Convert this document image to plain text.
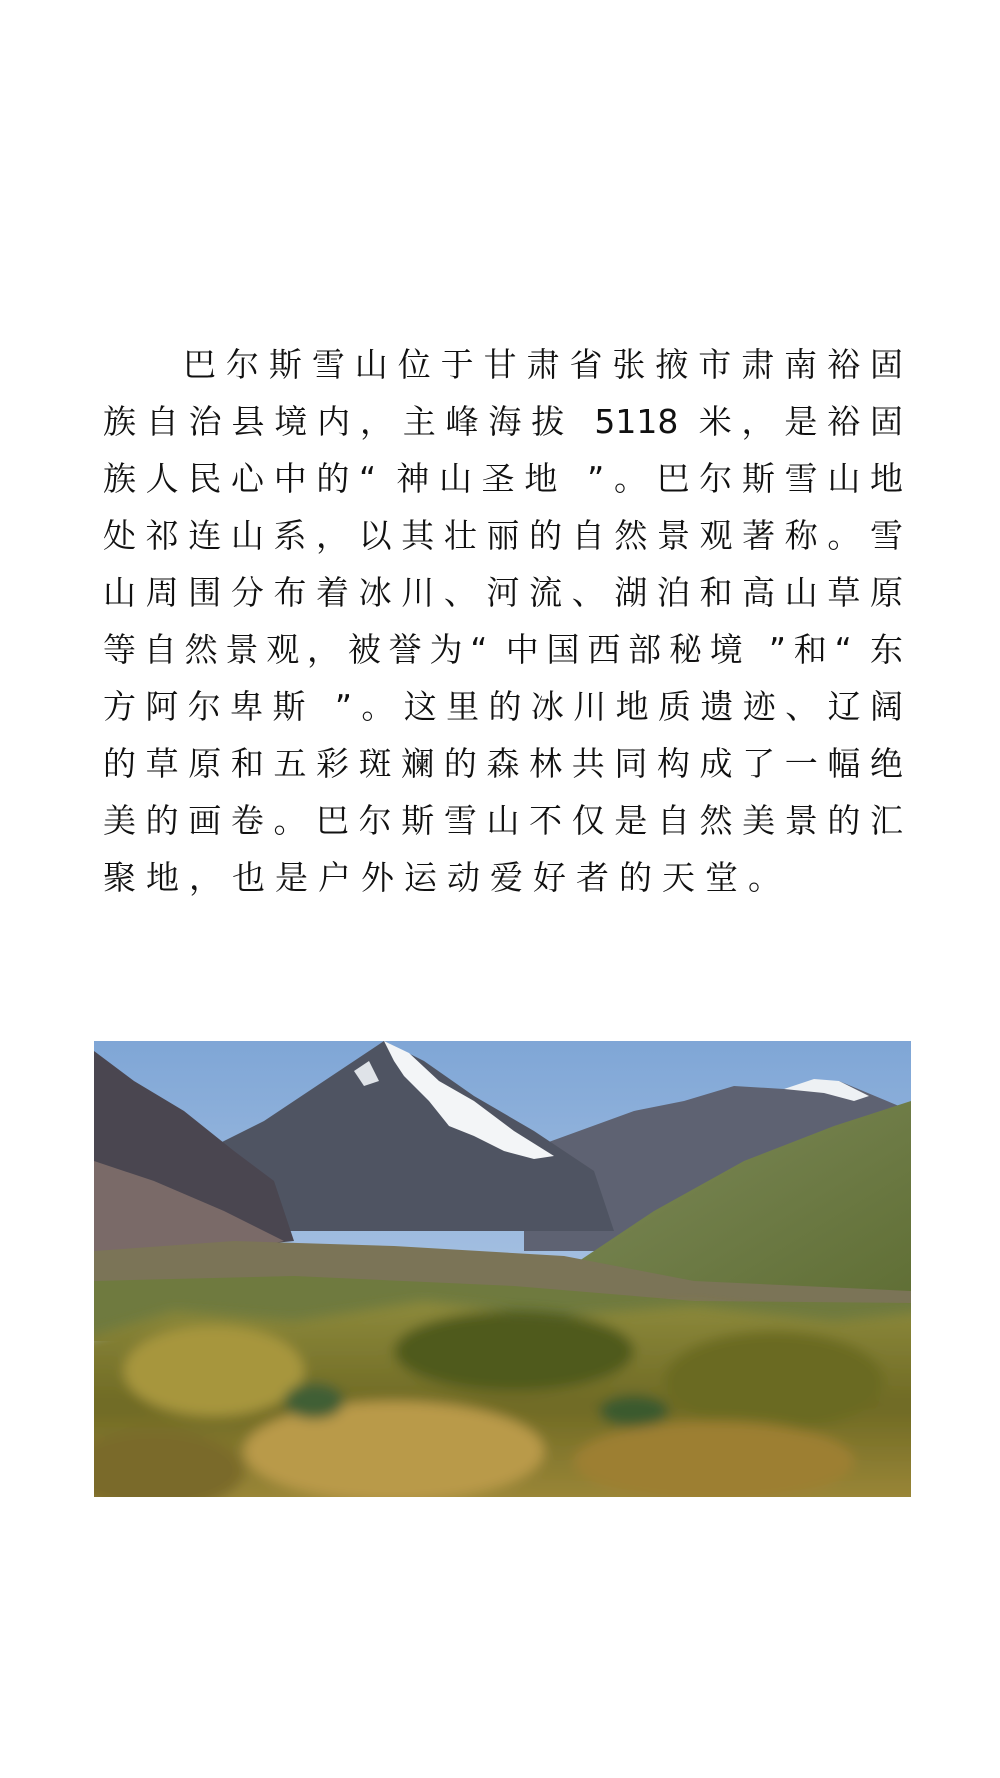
巴尔斯雪山位于甘肃省张掖市肃南裕固
族自治县境内，主峰海拔 5118 米，是裕固
族人民心中的“ 神山圣地 ”。巴尔斯雪山地
处祁连山系，以其壮丽的自然景观著称。雪
山周围分布着冰川、河流、湖泊和高山草原
等自然景观，被誉为“ 中国西部秘境 ”和“ 东
方阿尔卑斯 ”。这里的冰川地质遗迹、辽阔
的草原和五彩斑斓的森林共同构成了一幅绝
美的画卷。巴尔斯雪山不仅是自然美景的汇
聚地，也是户外运动爱好者的天堂。
